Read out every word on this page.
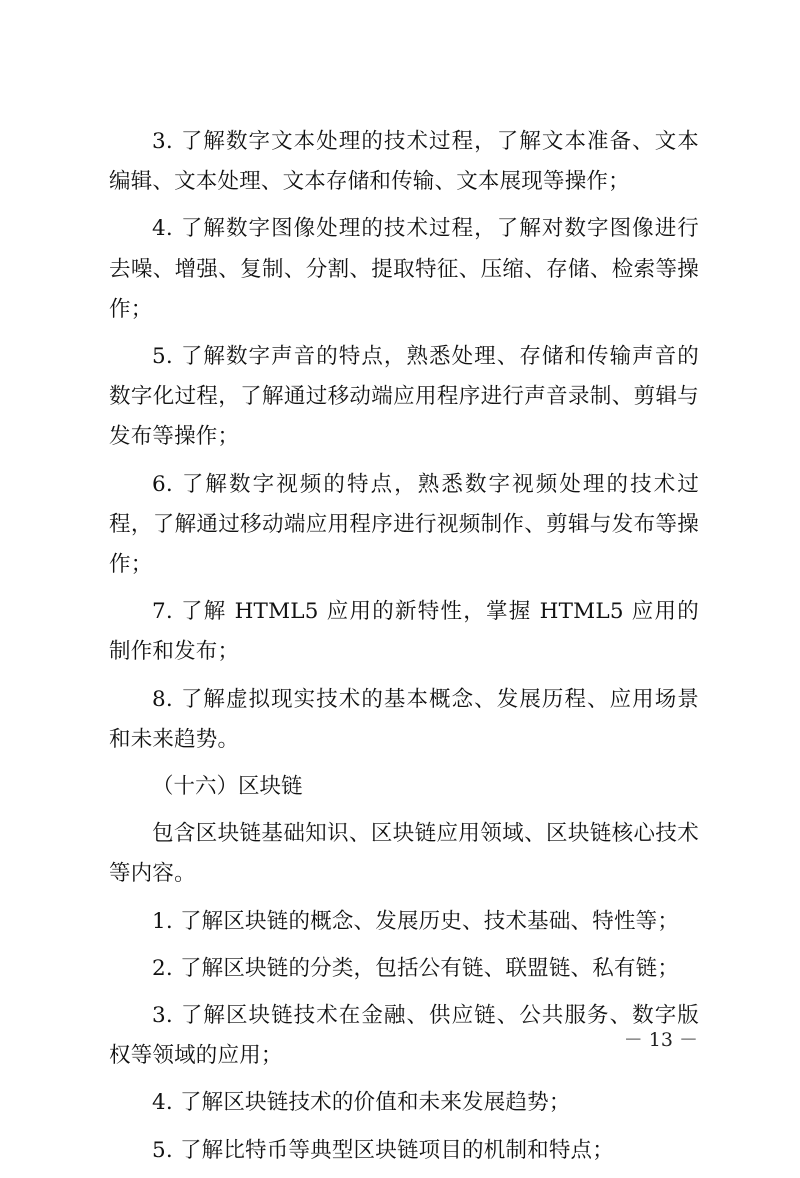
3. 了解数字文本处理的技术过程，了解文本准备、文本编辑、文本处理、文本存储和传输、文本展现等操作；

4. 了解数字图像处理的技术过程，了解对数字图像进行去噪、增强、复制、分割、提取特征、压缩、存储、检索等操作；

5. 了解数字声音的特点，熟悉处理、存储和传输声音的数字化过程，了解通过移动端应用程序进行声音录制、剪辑与发布等操作；

6. 了解数字视频的特点，熟悉数字视频处理的技术过程，了解通过移动端应用程序进行视频制作、剪辑与发布等操作；

7. 了解 HTML5 应用的新特性，掌握 HTML5 应用的制作和发布；

8. 了解虚拟现实技术的基本概念、发展历程、应用场景和未来趋势。

（十六）区块链

包含区块链基础知识、区块链应用领域、区块链核心技术等内容。

1. 了解区块链的概念、发展历史、技术基础、特性等；

2. 了解区块链的分类，包括公有链、联盟链、私有链；

3. 了解区块链技术在金融、供应链、公共服务、数字版权等领域的应用；

4. 了解区块链技术的价值和未来发展趋势；

5. 了解比特币等典型区块链项目的机制和特点；

－ 13 －
